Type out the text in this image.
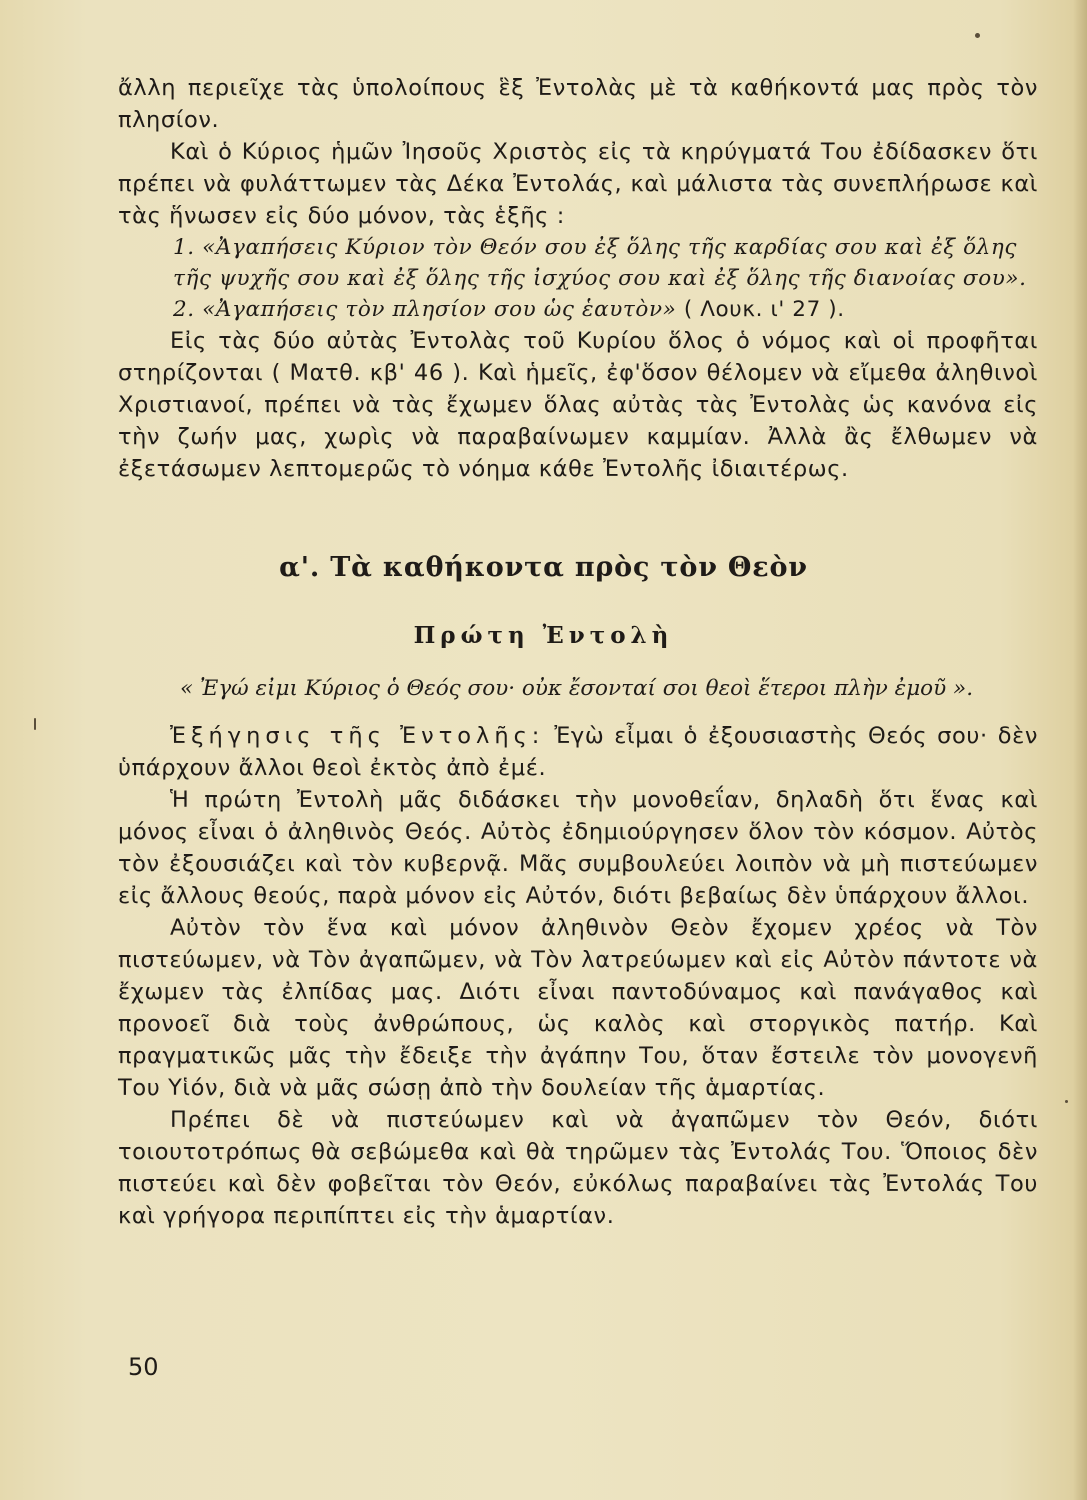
ἄλλη περιεῖχε τὰς ὑπολοίπους ἓξ Ἐντολὰς μὲ τὰ καθήκοντά μας πρὸς τὸν πλησίον.

Καὶ ὁ Κύριος ἡμῶν Ἰησοῦς Χριστὸς εἰς τὰ κηρύγματά Του ἐδίδασκεν ὅτι πρέπει νὰ φυλάττωμεν τὰς Δέκα Ἐντολάς, καὶ μάλιστα τὰς συνεπλήρωσε καὶ τὰς ἥνωσεν εἰς δύο μόνον, τὰς ἑξῆς :

1. «Ἀγαπήσεις Κύριον τὸν Θεόν σου ἐξ ὅλης τῆς καρδίας σου καὶ ἐξ ὅλης τῆς ψυχῆς σου καὶ ἐξ ὅλης τῆς ἰσχύος σου καὶ ἐξ ὅλης τῆς διανοίας σου».

2. «Ἀγαπήσεις τὸν πλησίον σου ὡς ἑαυτὸν» ( Λουκ. ι' 27 ).

Εἰς τὰς δύο αὐτὰς Ἐντολὰς τοῦ Κυρίου ὅλος ὁ νόμος καὶ οἱ προφῆται στηρίζονται ( Ματθ. κβ' 46 ). Καὶ ἡμεῖς, ἐφ'ὅσον θέλομεν νὰ εἴμεθα ἀληθινοὶ Χριστιανοί, πρέπει νὰ τὰς ἔχωμεν ὅλας αὐτὰς τὰς Ἐντολὰς ὡς κανόνα εἰς τὴν ζωήν μας, χωρὶς νὰ παραβαίνωμεν καμμίαν. Ἀλλὰ ἂς ἔλθωμεν νὰ ἐξετάσωμεν λεπτομερῶς τὸ νόημα κάθε Ἐντολῆς ἰδιαιτέρως.

α'. Τὰ καθήκοντα πρὸς τὸν Θεὸν
Πρώτη Ἐντολὴ
« Ἐγώ εἰμι Κύριος ὁ Θεός σου· οὐκ ἔσονταί σοι θεοὶ ἕτεροι πλὴν ἐμοῦ ».

Ἐξήγησις τῆς Ἐντολῆς: Ἐγὼ εἶμαι ὁ ἐξουσιαστὴς Θεός σου· δὲν ὑπάρχουν ἄλλοι θεοὶ ἐκτὸς ἀπὸ ἐμέ.

Ἡ πρώτη Ἐντολὴ μᾶς διδάσκει τὴν μονοθεΐαν, δηλαδὴ ὅτι ἕνας καὶ μόνος εἶναι ὁ ἀληθινὸς Θεός. Αὐτὸς ἐδημιούργησεν ὅλον τὸν κόσμον. Αὐτὸς τὸν ἐξουσιάζει καὶ τὸν κυβερνᾷ. Μᾶς συμβουλεύει λοιπὸν νὰ μὴ πιστεύωμεν εἰς ἄλλους θεούς, παρὰ μόνον εἰς Αὐτόν, διότι βεβαίως δὲν ὑπάρχουν ἄλλοι.

Αὐτὸν τὸν ἕνα καὶ μόνον ἀληθινὸν Θεὸν ἔχομεν χρέος νὰ Τὸν πιστεύωμεν, νὰ Τὸν ἀγαπῶμεν, νὰ Τὸν λατρεύωμεν καὶ εἰς Αὐτὸν πάντοτε νὰ ἔχωμεν τὰς ἐλπίδας μας. Διότι εἶναι παντοδύναμος καὶ πανάγαθος καὶ προνοεῖ διὰ τοὺς ἀνθρώπους, ὡς καλὸς καὶ στοργικὸς πατήρ. Καὶ πραγματικῶς μᾶς τὴν ἔδειξε τὴν ἀγάπην Του, ὅταν ἔστειλε τὸν μονογενῆ Του Υἱόν, διὰ νὰ μᾶς σώσῃ ἀπὸ τὴν δουλείαν τῆς ἁμαρτίας.

Πρέπει δὲ νὰ πιστεύωμεν καὶ νὰ ἀγαπῶμεν τὸν Θεόν, διότι τοιουτοτρόπως θὰ σεβώμεθα καὶ θὰ τηρῶμεν τὰς Ἐντολάς Του. Ὅποιος δὲν πιστεύει καὶ δὲν φοβεῖται τὸν Θεόν, εὐκόλως παραβαίνει τὰς Ἐντολάς Του καὶ γρήγορα περιπίπτει εἰς τὴν ἁμαρτίαν.

50
